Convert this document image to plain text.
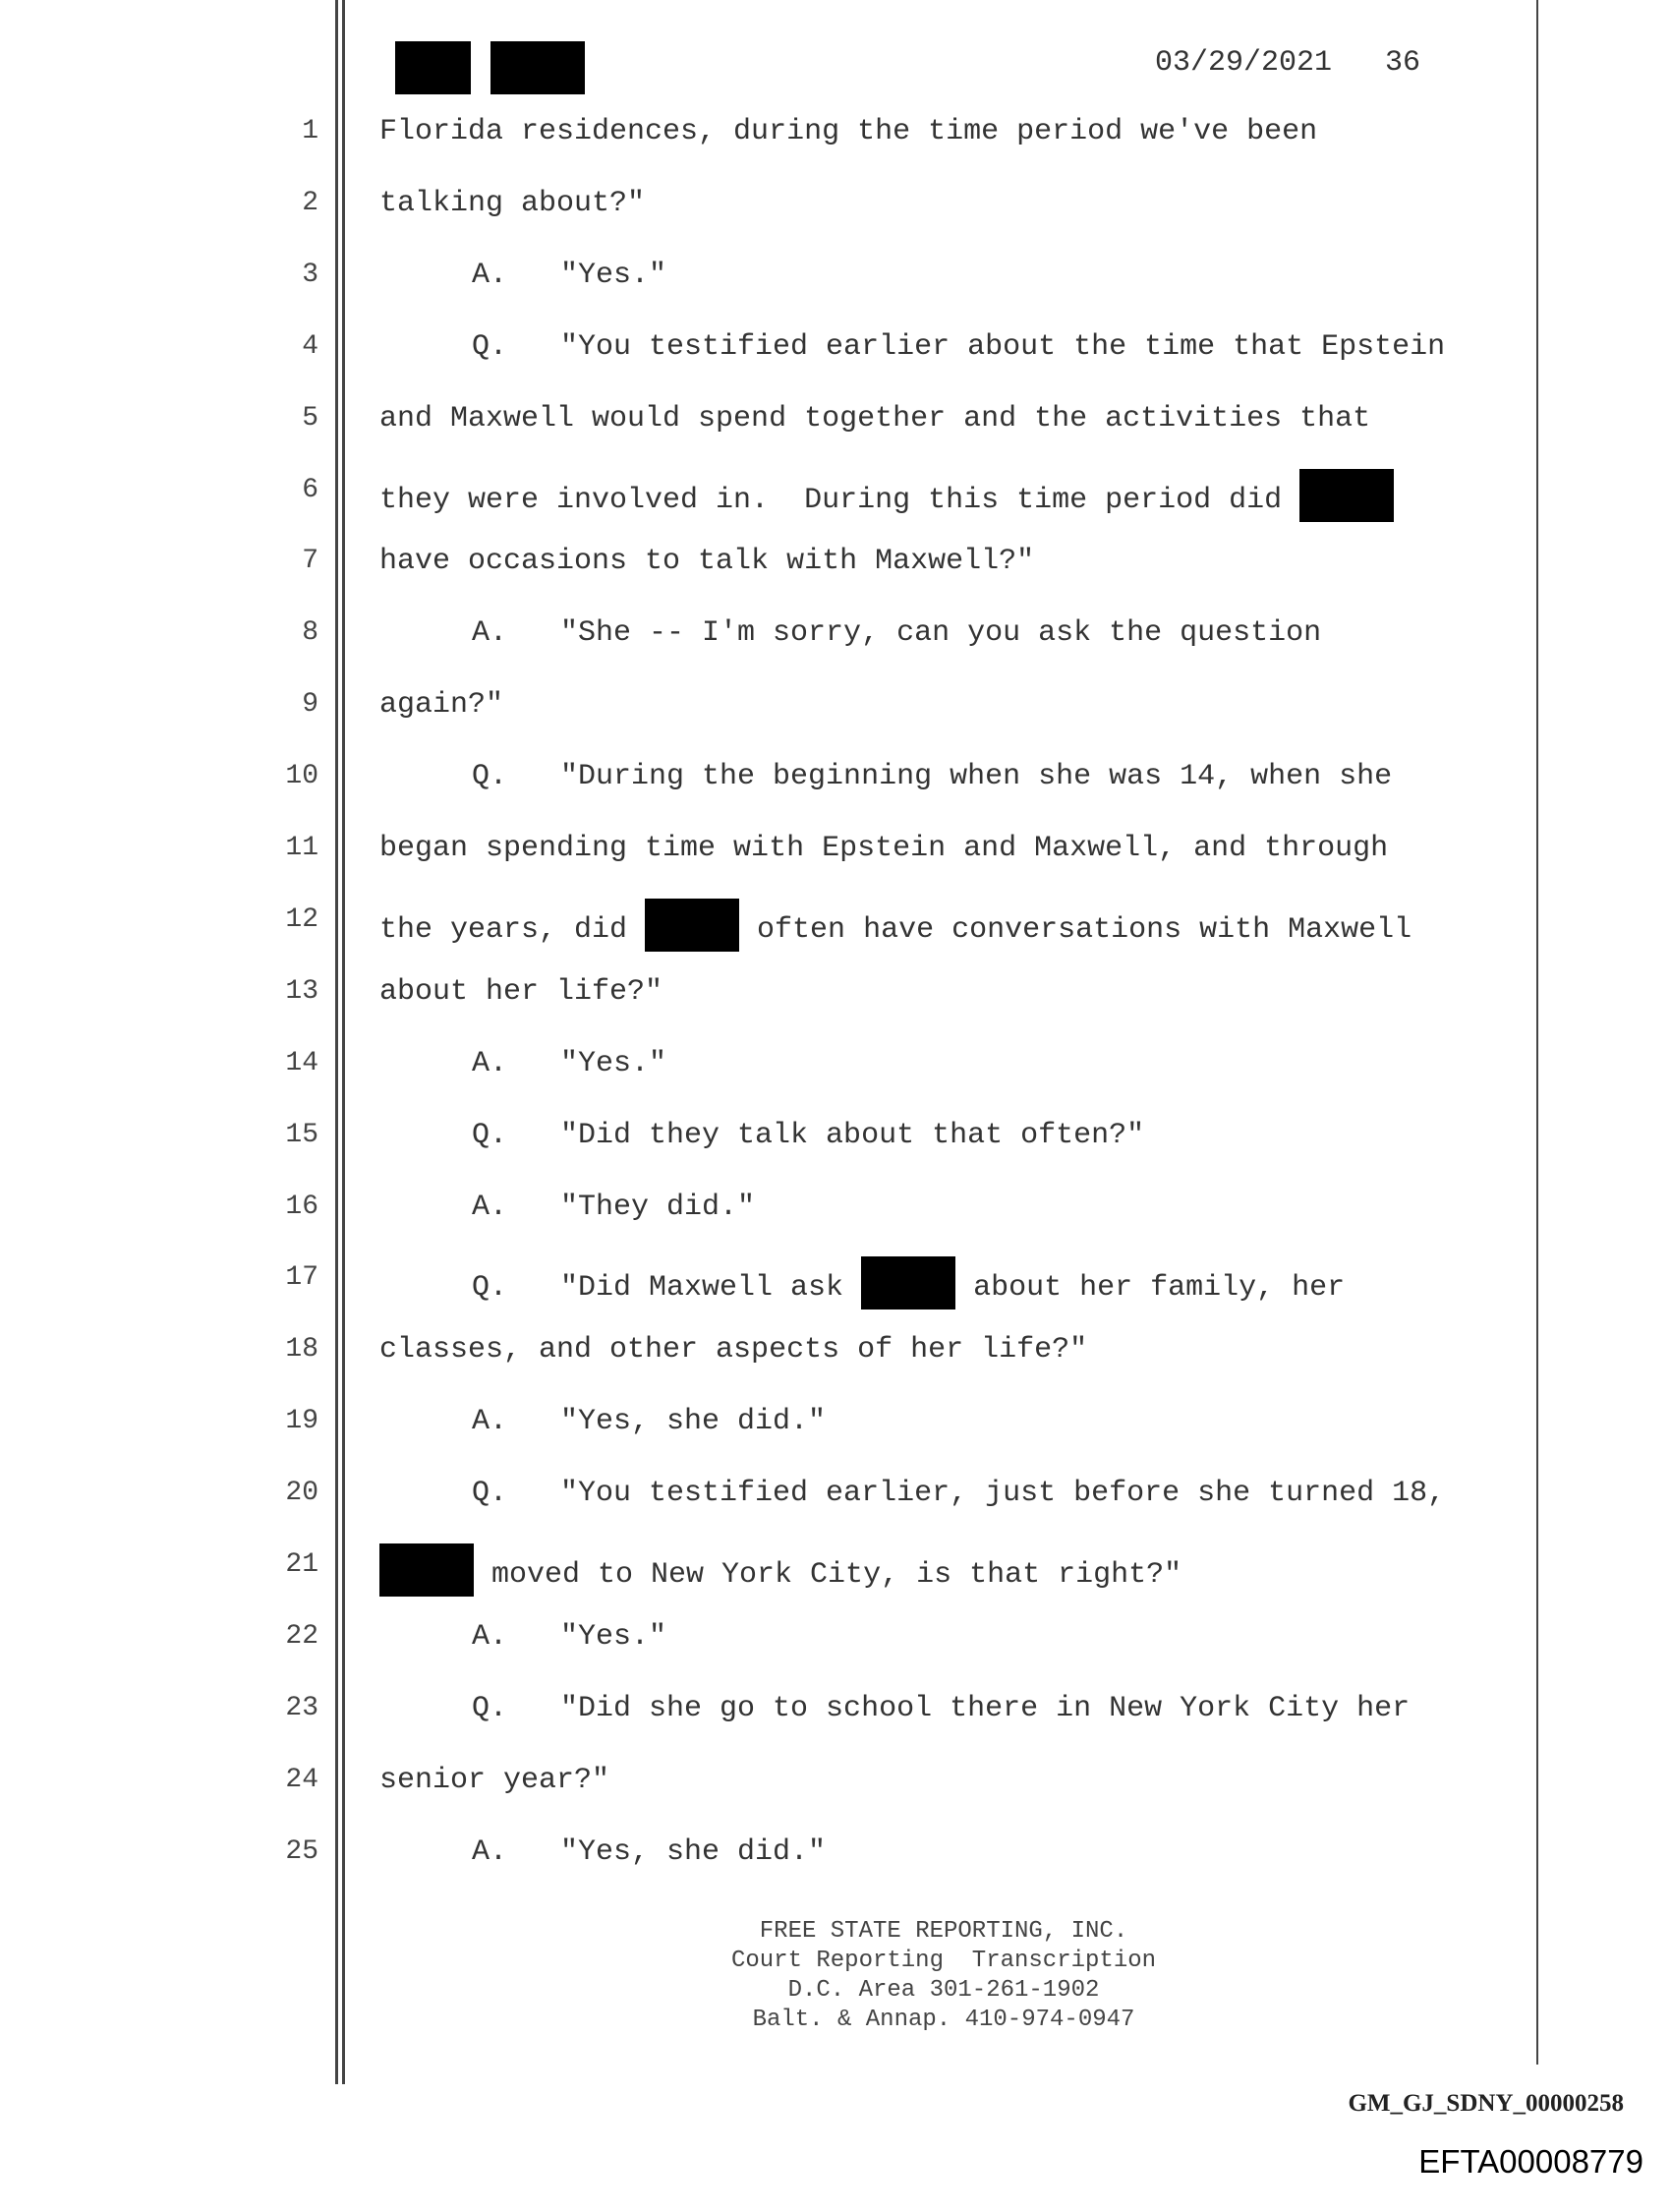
03/29/2021 36
1 Florida residences, during the time period we've been
2 talking about?"
3	A.   "Yes."
4	Q.   "You testified earlier about the time that Epstein
5 and Maxwell would spend together and the activities that
6 they were involved in.  During this time period did
7 have occasions to talk with Maxwell?"
8	A.   "She -- I'm sorry, can you ask the question
9 again?"
10	Q.   "During the beginning when she was 14, when she
11 began spending time with Epstein and Maxwell, and through
12 the years, did	often have conversations with Maxwell
13 about her life?"
14	A.   "Yes."
15	Q.   "Did they talk about that often?"
16	A.   "They did."
17	Q.   "Did Maxwell ask	about her family, her
18 classes, and other aspects of her life?"
19	A.   "Yes, she did."
20	Q.   "You testified earlier, just before she turned 18,
21	moved to New York City, is that right?"
22	A.   "Yes."
23	Q.   "Did she go to school there in New York City her
24 senior year?"
25	A.   "Yes, she did."
FREE STATE REPORTING, INC.
Court Reporting  Transcription
D.C. Area 301-261-1902
Balt. & Annap. 410-974-0947
GM_GJ_SDNY_00000258
EFTA00008779
